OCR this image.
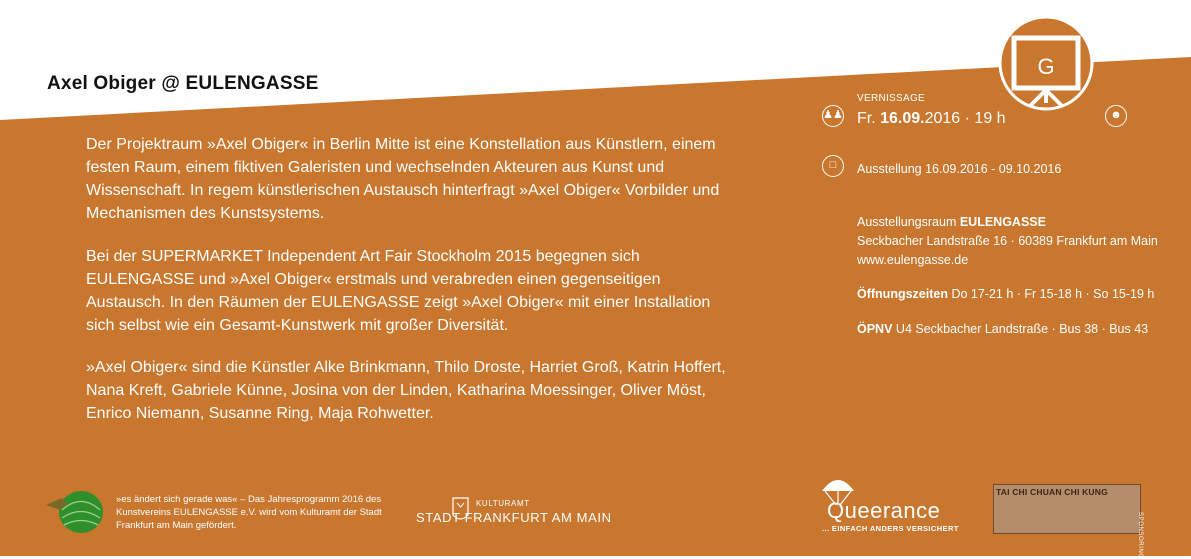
G
Axel Obiger @ EULENGASSE
Der Projektraum »Axel Obiger« in Berlin Mitte ist eine Konstellation aus Künstlern, einem festen Raum, einem fiktiven Galeristen und wechselnden Akteuren aus Kunst und Wissenschaft. In regem künstlerischen Austausch hinterfragt »Axel Obiger« Vorbilder und Mechanismen des Kunstsystems.
Bei der SUPERMARKET Independent Art Fair Stockholm 2015 begegnen sich EULENGASSE und »Axel Obiger« erstmals und verabreden einen gegenseitigen Austausch. In den Räumen der EULENGASSE zeigt »Axel Obiger« mit einer Installation sich selbst wie ein Gesamt-Kunstwerk mit großer Diversität.
»Axel Obiger« sind die Künstler Alke Brinkmann, Thilo Droste, Harriet Groß, Katrin Hoffert, Nana Kreft, Gabriele Künne, Josina von der Linden, Katharina Moessinger, Oliver Möst, Enrico Niemann, Susanne Ring, Maja Rohwetter.
♟♟	☻
□
VERNISSAGE
Fr. 16.09.2016 · 19 h
Ausstellung 16.09.2016 - 09.10.2016
Ausstellungsraum EULENGASSE
Seckbacher Landstraße 16 · 60389 Frankfurt am Main
www.eulengasse.de
Öffnungszeiten Do 17-21 h · Fr 15-18 h · So 15-19 h
ÖPNV U4 Seckbacher Landstraße · Bus 38 · Bus 43
»es ändert sich gerade was« – Das Jahresprogramm 2016 des Kunstvereins EULENGASSE e.V. wird vom Kulturamt der Stadt Frankfurt am Main gefördert.
KULTURAMT
STADT FRANKFURT AM MAIN	Queerance
... EINFACH ANDERS VERSICHERT
TAI CHI CHUAN CHI KUNG
SPONSORING
